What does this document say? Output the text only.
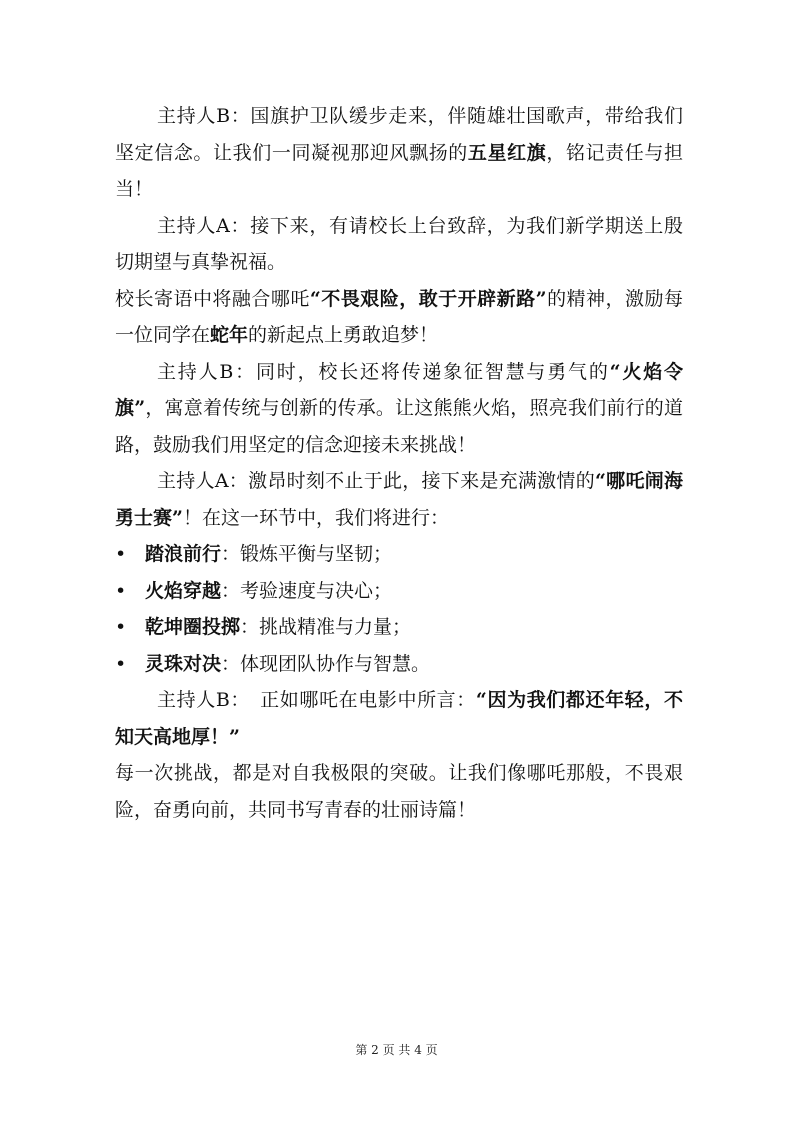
主持人B：国旗护卫队缓步走来，伴随雄壮国歌声，带给我们坚定信念。让我们一同凝视那迎风飘扬的五星红旗，铭记责任与担当！

主持人A：接下来，有请校长上台致辞，为我们新学期送上殷切期望与真挚祝福。

校长寄语中将融合哪吒“不畏艰险，敢于开辟新路”的精神，激励每一位同学在蛇年的新起点上勇敢追梦！

主持人B：同时，校长还将传递象征智慧与勇气的“火焰令旗”，寓意着传统与创新的传承。让这熊熊火焰，照亮我们前行的道路，鼓励我们用坚定的信念迎接未来挑战！

主持人A：激昂时刻不止于此，接下来是充满激情的“哪吒闹海勇士赛”！在这一环节中，我们将进行：

• 踏浪前行：锻炼平衡与坚韧；
• 火焰穿越：考验速度与决心；
• 乾坤圈投掷：挑战精准与力量；
• 灵珠对决：体现团队协作与智慧。

主持人B：　正如哪吒在电影中所言：“因为我们都还年轻，不知天高地厚！”

每一次挑战，都是对自我极限的突破。让我们像哪吒那般，不畏艰险，奋勇向前，共同书写青春的壮丽诗篇！

第 2 页 共 4 页
